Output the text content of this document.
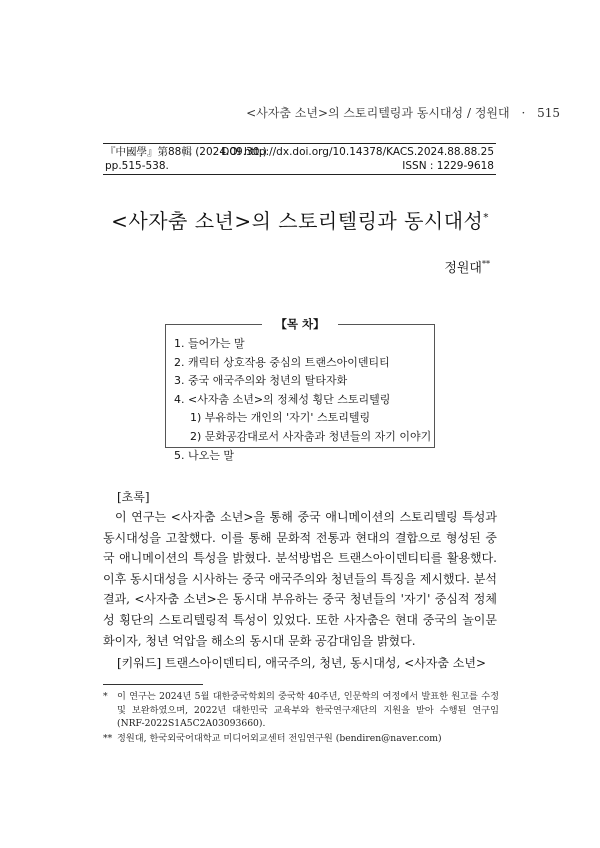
<사자춤 소년>의 스토리텔링과 동시대성 / 정원대 · 515
『中國學』第88輯 (2024.09.30.)
DOI http://dx.doi.org/10.14378/KACS.2024.88.88.25
pp.515-538.	ISSN : 1229-9618
<사자춤 소년>의 스토리텔링과 동시대성*
정원대**
【목 차】
1. 들어가는 말
2. 캐릭터 상호작용 중심의 트랜스아이덴티티
3. 중국 애국주의와 청년의 탈타자화
4. <사자춤 소년>의 정체성 횡단 스토리텔링
1) 부유하는 개인의 '자기' 스토리텔링
2) 문화공감대로서 사자춤과 청년들의 자기 이야기
5. 나오는 말
[초록]

이 연구는 <사자춤 소년>을 통해 중국 애니메이션의 스토리텔링 특성과 동시대성을 고찰했다. 이를 통해 문화적 전통과 현대의 결합으로 형성된 중국 애니메이션의 특성을 밝혔다. 분석방법은 트랜스아이덴티티를 활용했다. 이후 동시대성을 시사하는 중국 애국주의와 청년들의 특징을 제시했다. 분석결과, <사자춤 소년>은 동시대 부유하는 중국 청년들의 '자기' 중심적 정체성 횡단의 스토리텔링적 특성이 있었다. 또한 사자춤은 현대 중국의 놀이문화이자, 청년 억압을 해소의 동시대 문화 공감대임을 밝혔다.

[키워드] 트랜스아이덴티티, 애국주의, 청년, 동시대성, <사자춤 소년>
* 이 연구는 2024년 5월 대한중국학회의 중국학 40주년, 인문학의 여정에서 발표한 원고를 수정 및 보완하였으며, 2022년 대한민국 교육부와 한국연구재단의 지원을 받아 수행된 연구임 (NRF-2022S1A5C2A03093660).
** 정원대, 한국외국어대학교 미디어외교센터 전임연구원 (bendiren@naver.com)
